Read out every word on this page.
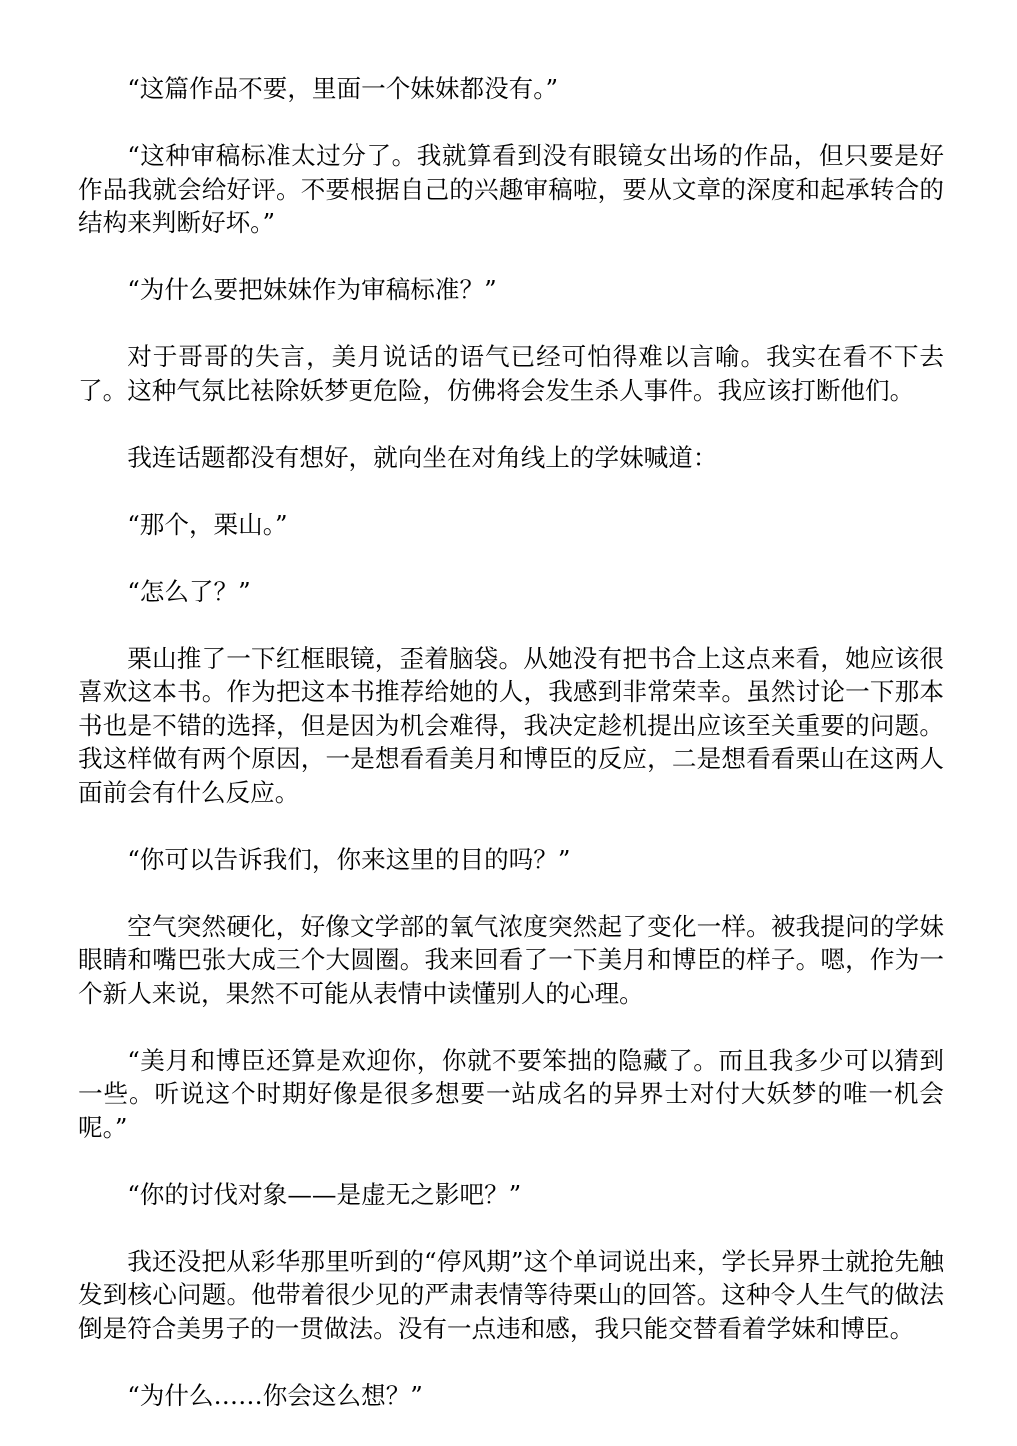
“这篇作品不要，里面一个妹妹都没有。”

“这种审稿标准太过分了。我就算看到没有眼镜女出场的作品，但只要是好作品我就会给好评。不要根据自己的兴趣审稿啦，要从文章的深度和起承转合的结构来判断好坏。”

“为什么要把妹妹作为审稿标准？”

对于哥哥的失言，美月说话的语气已经可怕得难以言喻。我实在看不下去了。这种气氛比袪除妖梦更危险，仿佛将会发生杀人事件。我应该打断他们。

我连话题都没有想好，就向坐在对角线上的学妹喊道：

“那个，栗山。”

“怎么了？”

栗山推了一下红框眼镜，歪着脑袋。从她没有把书合上这点来看，她应该很喜欢这本书。作为把这本书推荐给她的人，我感到非常荣幸。虽然讨论一下那本书也是不错的选择，但是因为机会难得，我决定趁机提出应该至关重要的问题。我这样做有两个原因，一是想看看美月和博臣的反应，二是想看看栗山在这两人面前会有什么反应。

“你可以告诉我们，你来这里的目的吗？”

空气突然硬化，好像文学部的氧气浓度突然起了变化一样。被我提问的学妹眼睛和嘴巴张大成三个大圆圈。我来回看了一下美月和博臣的样子。嗯，作为一个新人来说，果然不可能从表情中读懂别人的心理。

“美月和博臣还算是欢迎你，你就不要笨拙的隐藏了。而且我多少可以猜到一些。听说这个时期好像是很多想要一站成名的异界士对付大妖梦的唯一机会呢。”

“你的讨伐对象——是虚无之影吧？”

我还没把从彩华那里听到的“停风期”这个单词说出来，学长异界士就抢先触发到核心问题。他带着很少见的严肃表情等待栗山的回答。这种令人生气的做法倒是符合美男子的一贯做法。没有一点违和感，我只能交替看着学妹和博臣。

“为什么……你会这么想？”
